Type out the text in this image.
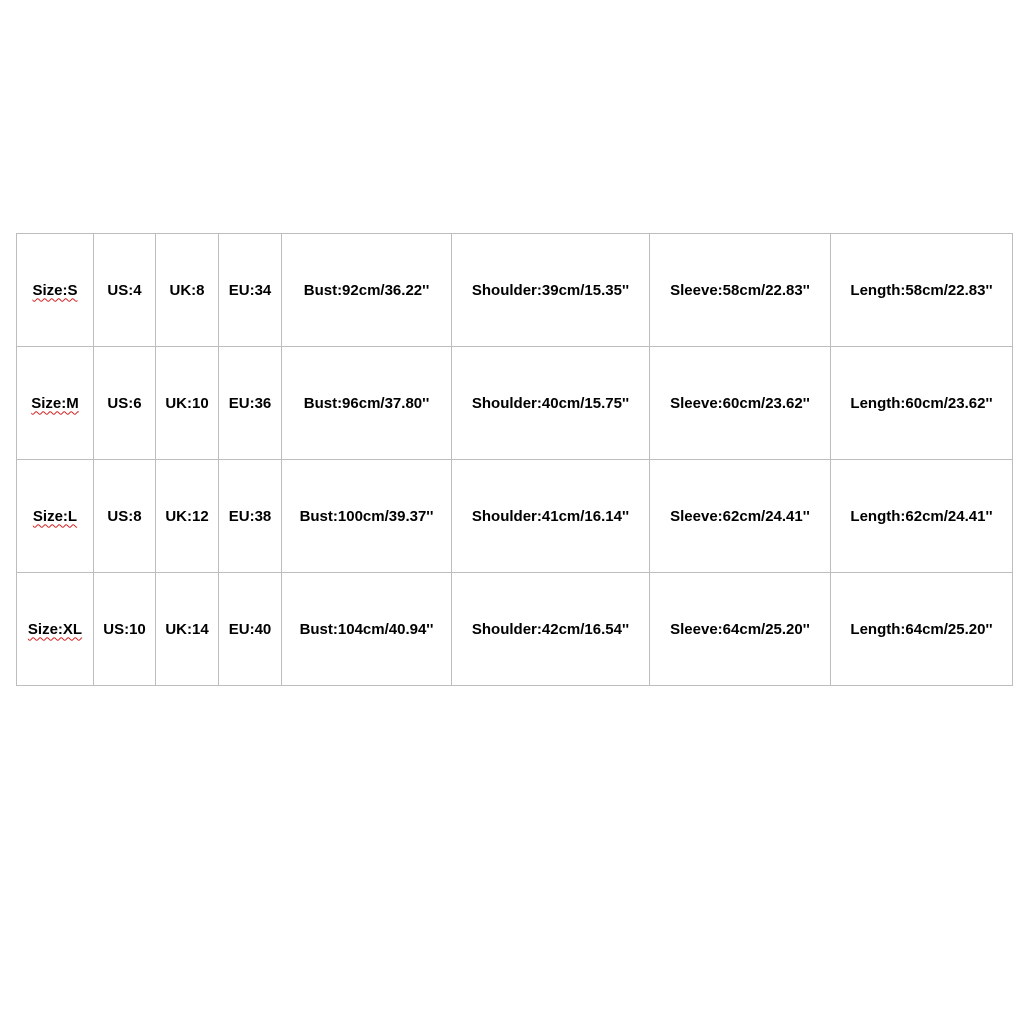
Size:S	US:4	UK:8	EU:34	Bust:92cm/36.22''	Shoulder:39cm/15.35''	Sleeve:58cm/22.83''	Length:58cm/22.83''
Size:M	US:6	UK:10	EU:36	Bust:96cm/37.80''	Shoulder:40cm/15.75''	Sleeve:60cm/23.62''	Length:60cm/23.62''
Size:L	US:8	UK:12	EU:38	Bust:100cm/39.37''	Shoulder:41cm/16.14''	Sleeve:62cm/24.41''	Length:62cm/24.41''
Size:XL	US:10	UK:14	EU:40	Bust:104cm/40.94''	Shoulder:42cm/16.54''	Sleeve:64cm/25.20''	Length:64cm/25.20''
